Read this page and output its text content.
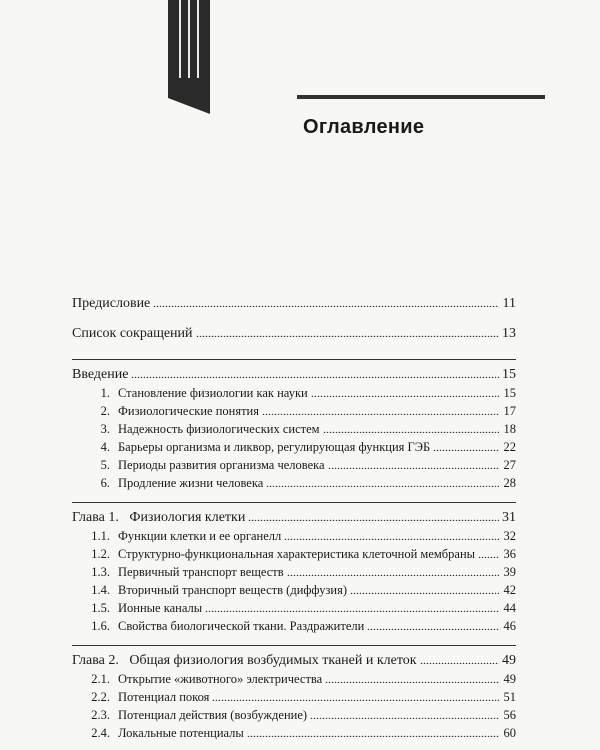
Оглавление
Предисловие	11
Список сокращений	13
Введение	15
1. Становление физиологии как науки	15
2. Физиологические понятия	17
3. Надежность физиологических систем	18
4. Барьеры организма и ликвор, регулирующая функция ГЭБ	22
5. Периоды развития организма человека	27
6. Продление жизни человека	28
Глава 1.   Физиология клетки	31
1.1. Функции клетки и ее органелл	32
1.2. Структурно-функциональная характеристика клеточной мембраны 36
1.3. Первичный транспорт веществ	39
1.4. Вторичный транспорт веществ (диффузия)	42
1.5. Ионные каналы	44
1.6. Свойства биологической ткани. Раздражители	46
Глава 2.   Общая физиология возбудимых тканей и клеток	49
2.1. Открытие «животного» электричества	49
2.2. Потенциал покоя	51
2.3. Потенциал действия (возбуждение)	56
2.4. Локальные потенциалы	60
